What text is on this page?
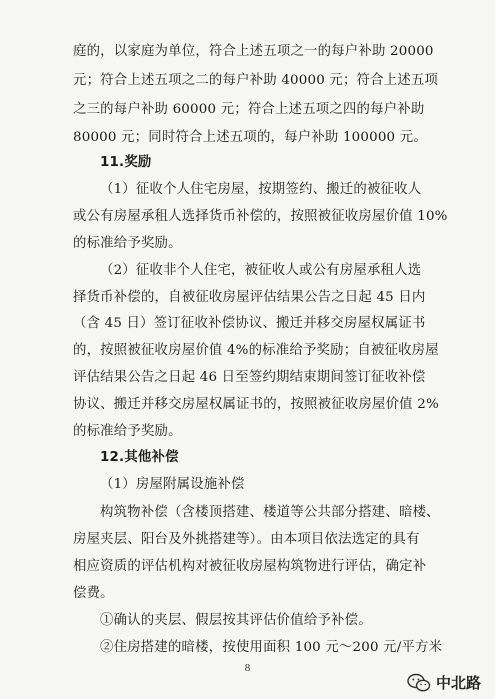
庭的，以家庭为单位，符合上述五项之一的每户补助 20000
元；符合上述五项之二的每户补助 40000 元；符合上述五项
之三的每户补助 60000 元；符合上述五项之四的每户补助
80000 元；同时符合上述五项的，每户补助 100000 元。
11.奖励
（1）征收个人住宅房屋，按期签约、搬迁的被征收人
或公有房屋承租人选择货币补偿的，按照被征收房屋价值 10%
的标准给予奖励。
（2）征收非个人住宅，被征收人或公有房屋承租人选
择货币补偿的，自被征收房屋评估结果公告之日起 45 日内
（含 45 日）签订征收补偿协议、搬迁并移交房屋权属证书
的，按照被征收房屋价值 4%的标准给予奖励；自被征收房屋
评估结果公告之日起 46 日至签约期结束期间签订征收补偿
协议、搬迁并移交房屋权属证书的，按照被征收房屋价值 2%
的标准给予奖励。
12.其他补偿
（1）房屋附属设施补偿
构筑物补偿（含楼顶搭建、楼道等公共部分搭建、暗楼、
房屋夹层、阳台及外挑搭建等）。由本项目依法选定的具有
相应资质的评估机构对被征收房屋构筑物进行评估，确定补
偿费。
①确认的夹层、假层按其评估价值给予补偿。
②住房搭建的暗楼，按使用面积 100 元～200 元/平方米
8
中北路
